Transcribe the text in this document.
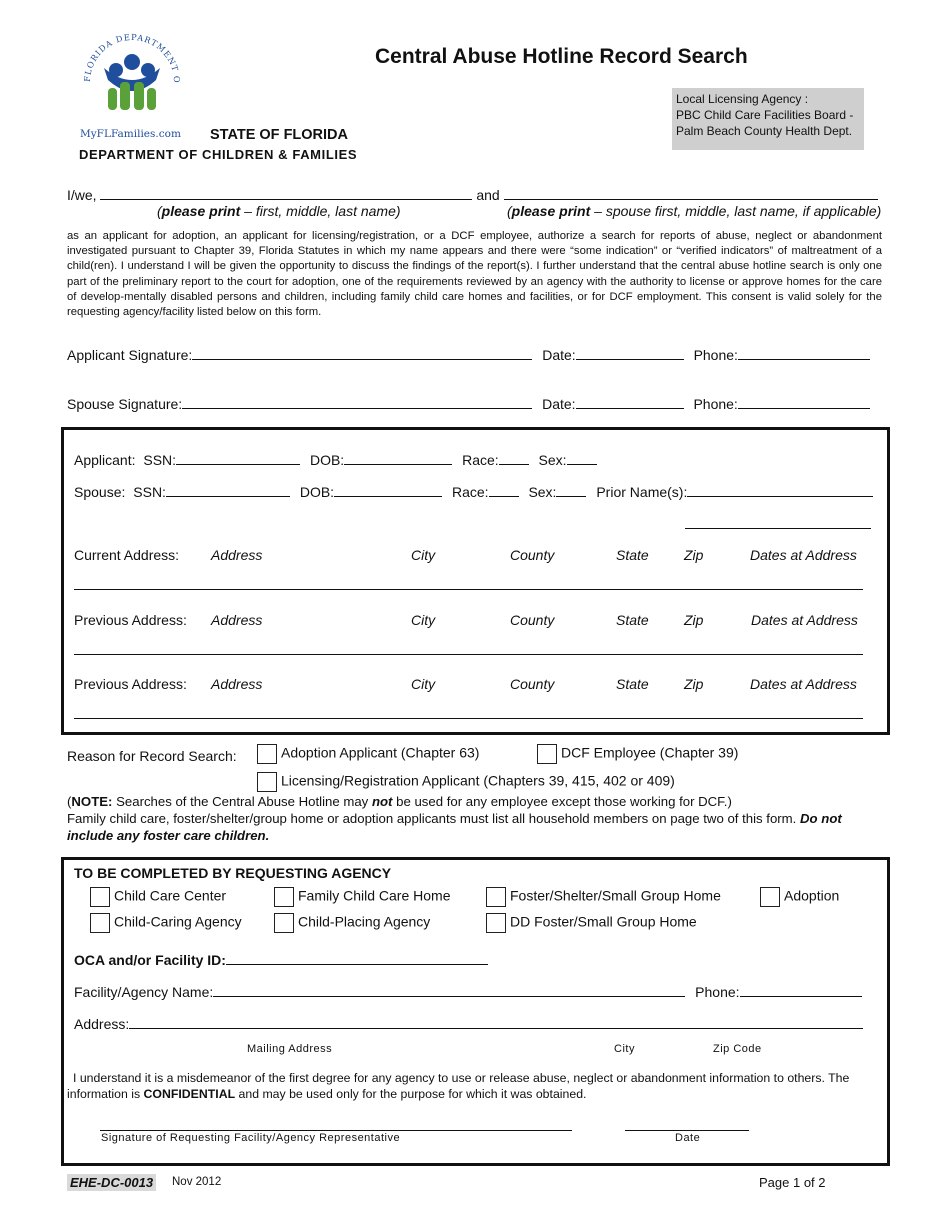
FLORIDA DEPARTMENT O
MyFLFamilies.com
Central Abuse Hotline Record Search
Local Licensing Agency :
PBC Child Care Facilities Board -
Palm Beach County Health Dept.
STATE OF FLORIDA
DEPARTMENT OF CHILDREN & FAMILIES
I/we,	and
(please print – first, middle, last name)	(please print – spouse first, middle, last name, if applicable)
as an applicant for adoption, an applicant for licensing/registration, or a DCF employee, authorize a search for reports of abuse, neglect or abandonment investigated pursuant to Chapter 39, Florida Statutes in which my name appears and there were “some indication” or “verified indicators” of maltreatment of a child(ren). I understand I will be given the opportunity to discuss the findings of the report(s). I further understand that the central abuse hotline search is only one part of the preliminary report to the court for adoption, one of the requirements reviewed by an agency with the authority to license or approve homes for the care of develop-mentally disabled persons and children, including family child care homes and facilities, or for DCF employment. This consent is valid solely for the requesting agency/facility listed below on this form.
Applicant Signature:	Date:	Phone:
Spouse Signature:	Date:	Phone:
Applicant: SSN:	DOB:	Race:	Sex:
Spouse: SSN:	DOB:	Race:	Sex:	Prior Name(s):
Current Address: Address	City	County	State	Zip	Dates at Address
Previous Address: Address	City	County	State	Zip	Dates at Address
Previous Address: Address	City	County	State	Zip	Dates at Address
Reason for Record Search:	Adoption Applicant (Chapter 63)	DCF Employee (Chapter 39)
Licensing/Registration Applicant (Chapters 39, 415, 402 or 409)
(NOTE: Searches of the Central Abuse Hotline may not be used for any employee except those working for DCF.)
Family child care, foster/shelter/group home or adoption applicants must list all household members on page two of this form. Do not include any foster care children.
TO BE COMPLETED BY REQUESTING AGENCY
Child Care Center	Family Child Care Home	Foster/Shelter/Small Group Home	Adoption
Child-Caring Agency	Child-Placing Agency	DD Foster/Small Group Home
OCA and/or Facility ID:
Facility/Agency Name:	Phone:
Address:
Mailing Address	City	Zip Code
I understand it is a misdemeanor of the first degree for any agency to use or release abuse, neglect or abandonment information to others. The information is CONFIDENTIAL and may be used only for the purpose for which it was obtained.
Signature of Requesting Facility/Agency Representative	Date
EHE-DC-0013 Nov 2012	Page 1 of 2
